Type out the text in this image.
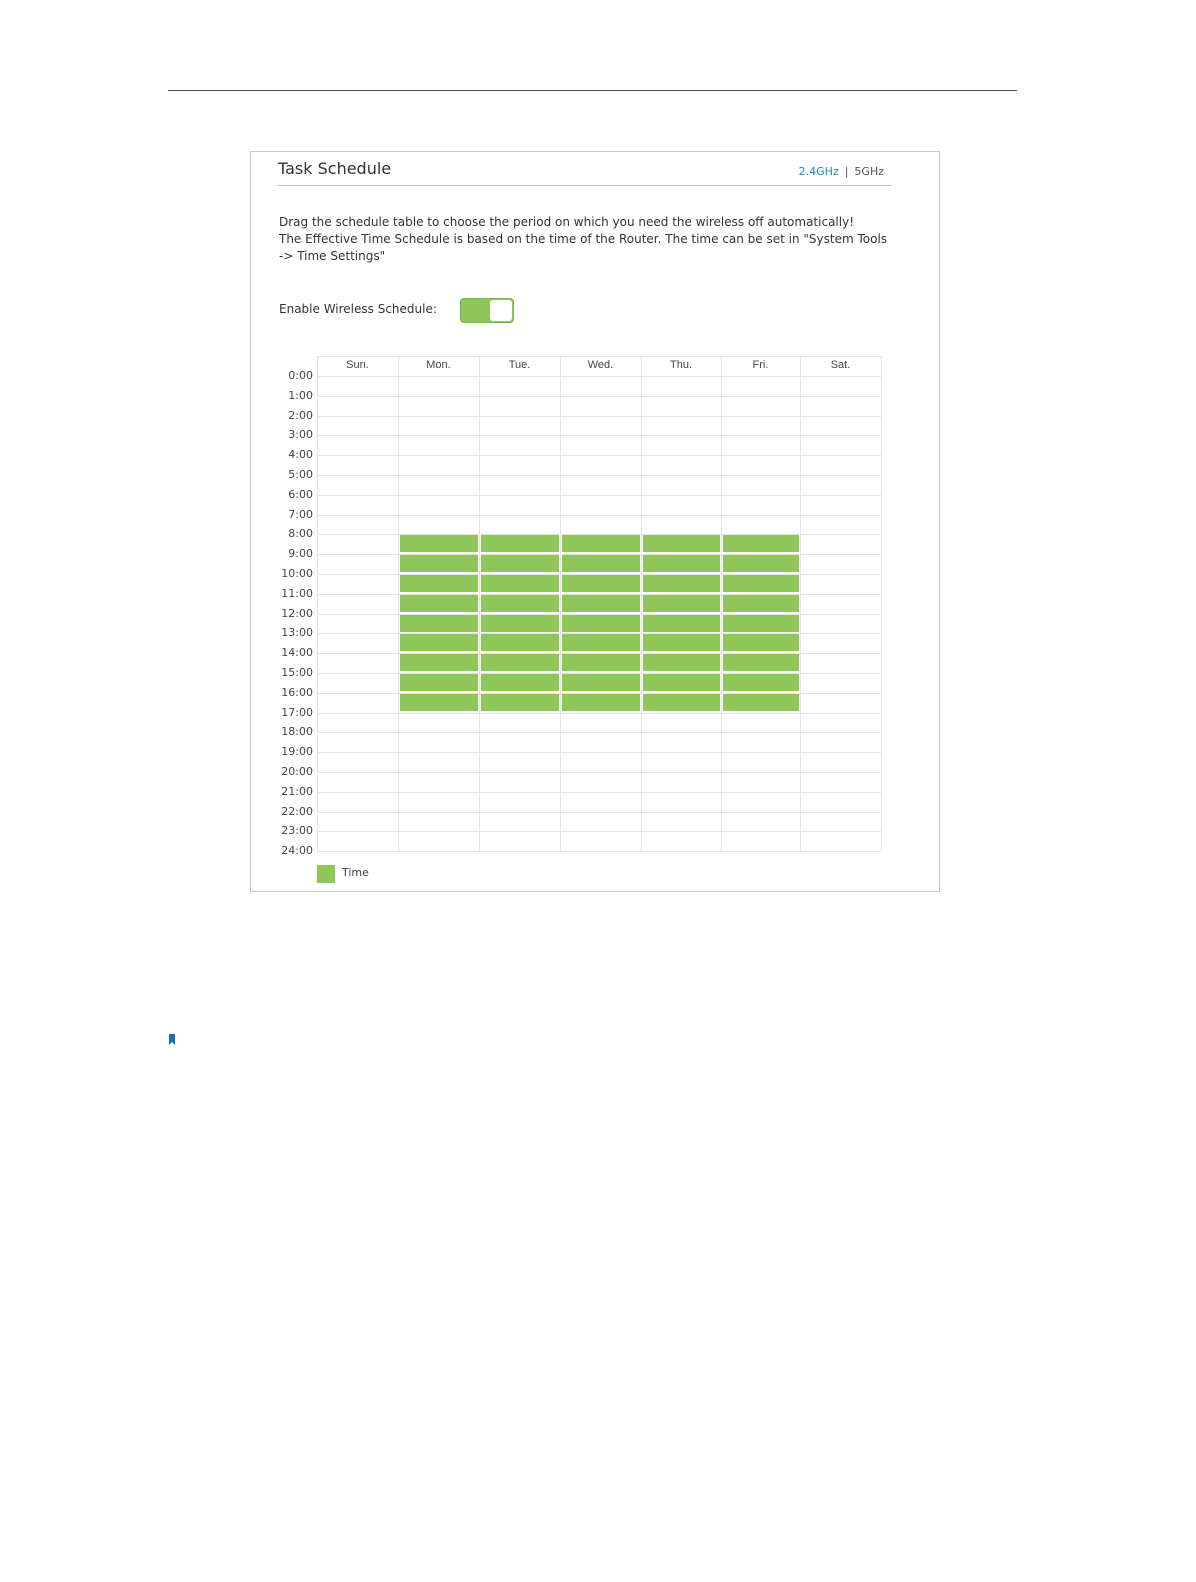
Task Schedule	2.4GHz | 5GHz

Drag the schedule table to choose the period on which you need the wireless off automatically!

The Effective Time Schedule is based on the time of the Router. The time can be set in "System Tools -> Time Settings"

Enable Wireless Schedule:
Sun.	Mon.	Tue.	Wed.	Thu.	Fri.	Sat.
0:00
1:00
2:00
3:00
4:00
5:00
6:00
7:00
8:00
9:00
10:00
11:00
12:00
13:00
14:00
15:00
16:00
17:00
18:00
19:00
20:00
21:00
22:00
23:00
24:00
Time
